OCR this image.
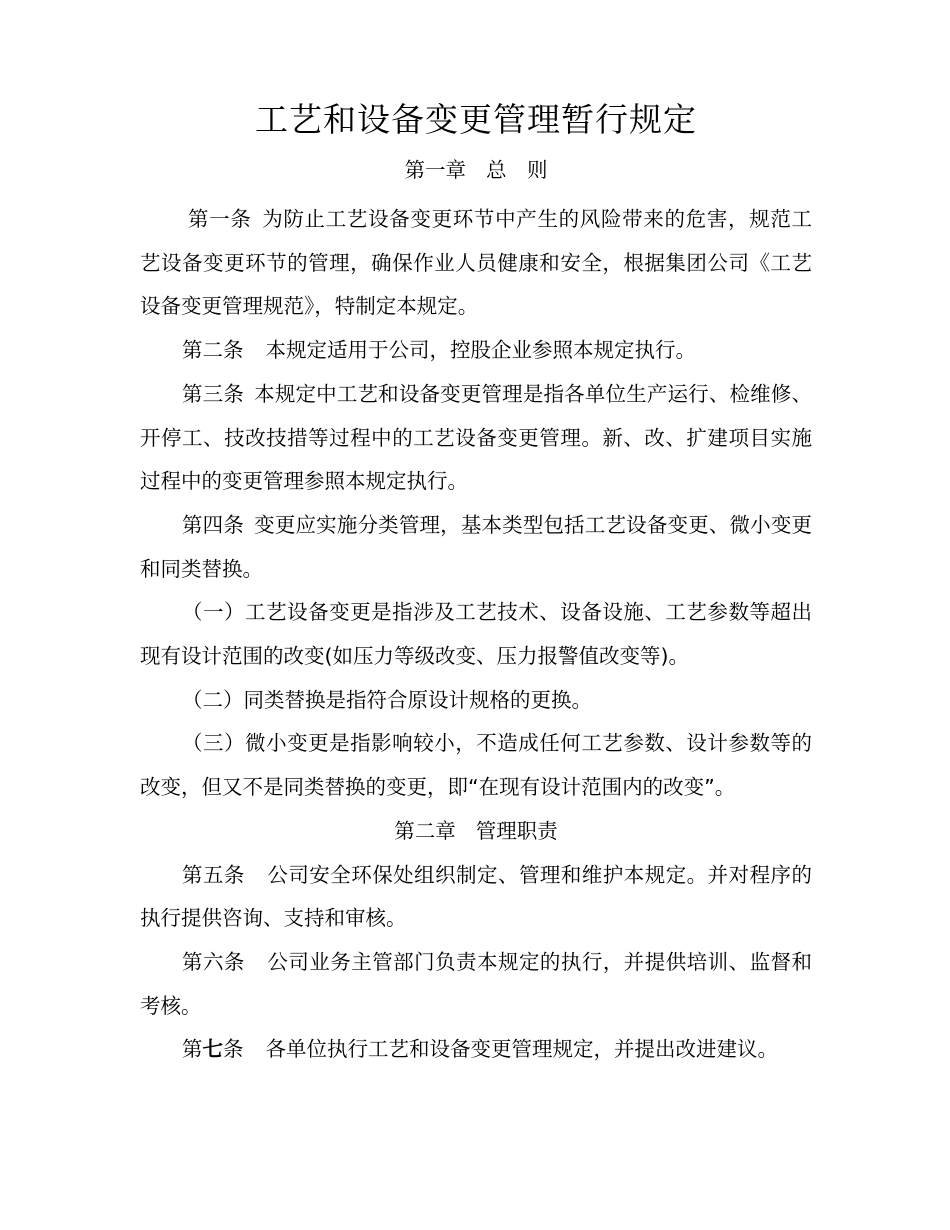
工艺和设备变更管理暂行规定

第一章 总　则

第一条 为防止工艺设备变更环节中产生的风险带来的危害，规范工艺设备变更环节的管理，确保作业人员健康和安全，根据集团公司《工艺设备变更管理规范》，特制定本规定。

第二条 本规定适用于公司，控股企业参照本规定执行。

第三条 本规定中工艺和设备变更管理是指各单位生产运行、检维修、开停工、技改技措等过程中的工艺设备变更管理。新、改、扩建项目实施过程中的变更管理参照本规定执行。

第四条 变更应实施分类管理，基本类型包括工艺设备变更、微小变更和同类替换。

（一）工艺设备变更是指涉及工艺技术、设备设施、工艺参数等超出现有设计范围的改变(如压力等级改变、压力报警值改变等)。

（二）同类替换是指符合原设计规格的更换。

（三）微小变更是指影响较小，不造成任何工艺参数、设计参数等的改变，但又不是同类替换的变更，即“在现有设计范围内的改变”。

第二章 管理职责

第五条 公司安全环保处组织制定、管理和维护本规定。并对程序的执行提供咨询、支持和审核。

第六条 公司业务主管部门负责本规定的执行，并提供培训、监督和考核。

第七条 各单位执行工艺和设备变更管理规定，并提出改进建议。
